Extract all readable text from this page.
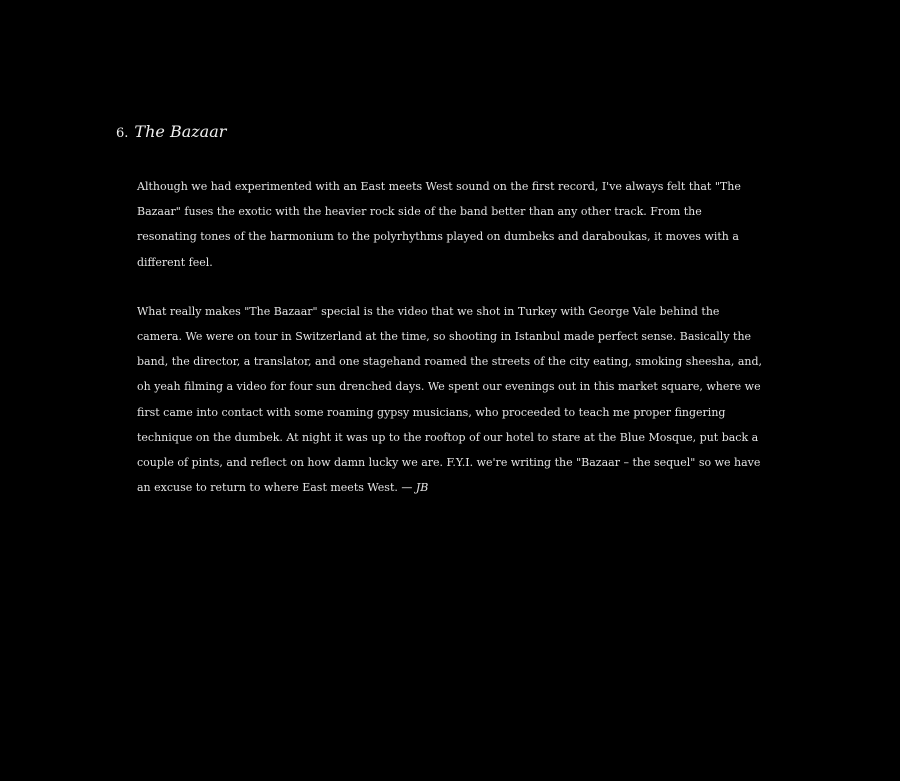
6. The Bazaar

Although we had experimented with an East meets West sound on the first record, I've always felt that "The Bazaar" fuses the exotic with the heavier rock side of the band better than any other track. From the resonating tones of the harmonium to the polyrhythms played on dumbeks and daraboukas, it moves with a different feel.

What really makes "The Bazaar" special is the video that we shot in Turkey with George Vale behind the camera. We were on tour in Switzerland at the time, so shooting in Istanbul made perfect sense. Basically the band, the director, a translator, and one stagehand roamed the streets of the city eating, smoking sheesha, and, oh yeah filming a video for four sun drenched days. We spent our evenings out in this market square, where we first came into contact with some roaming gypsy musicians, who proceeded to teach me proper fingering technique on the dumbek. At night it was up to the rooftop of our hotel to stare at the Blue Mosque, put back a couple of pints, and reflect on how damn lucky we are. F.Y.I. we're writing the "Bazaar – the sequel" so we have an excuse to return to where East meets West. — JB
